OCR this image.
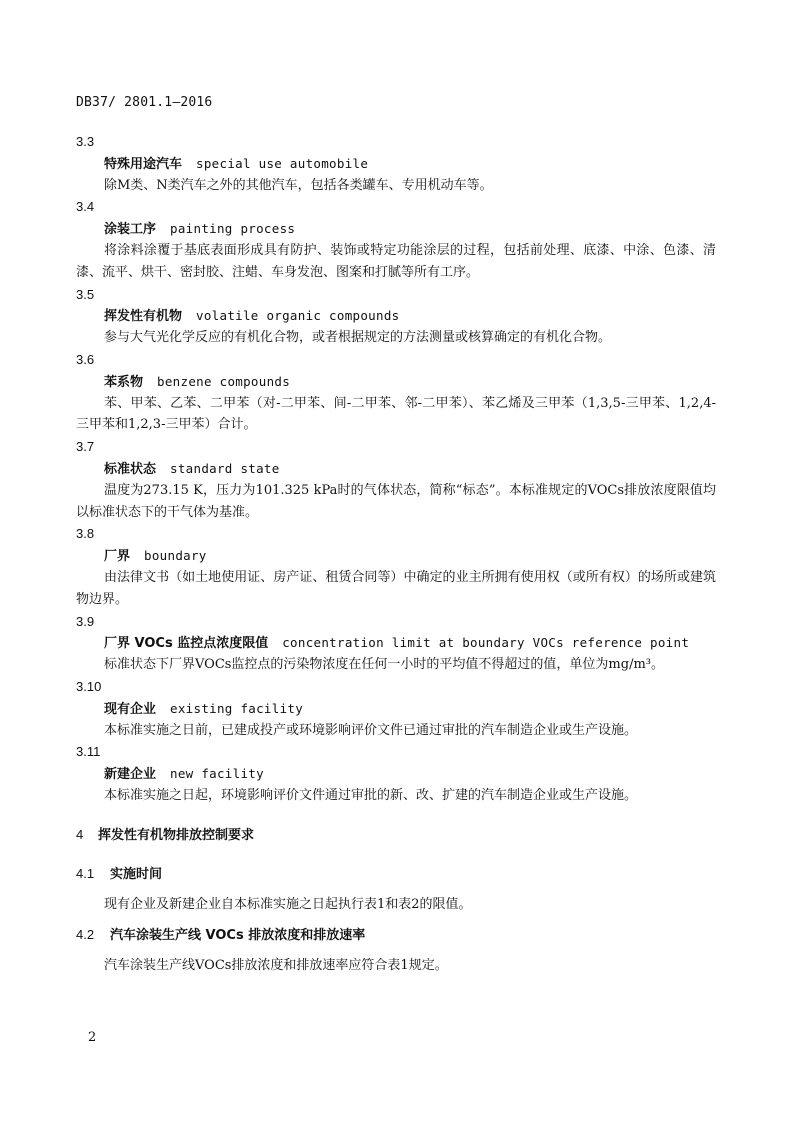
DB37/ 2801.1—2016
3.3
特殊用途汽车 special use automobile

除M类、N类汽车之外的其他汽车，包括各类罐车、专用机动车等。

3.4
涂装工序 painting process

将涂料涂覆于基底表面形成具有防护、装饰或特定功能涂层的过程，包括前处理、底漆、中涂、色漆、清漆、流平、烘干、密封胶、注蜡、车身发泡、图案和打腻等所有工序。

3.5
挥发性有机物 volatile organic compounds

参与大气光化学反应的有机化合物，或者根据规定的方法测量或核算确定的有机化合物。

3.6
苯系物 benzene compounds

苯、甲苯、乙苯、二甲苯（对-二甲苯、间-二甲苯、邻-二甲苯）、苯乙烯及三甲苯（1,3,5-三甲苯、1,2,4-三甲苯和1,2,3-三甲苯）合计。

3.7
标准状态 standard state

温度为273.15 K，压力为101.325 kPa时的气体状态，简称“标态”。本标准规定的VOCs排放浓度限值均以标准状态下的干气体为基准。

3.8
厂界 boundary

由法律文书（如土地使用证、房产证、租赁合同等）中确定的业主所拥有使用权（或所有权）的场所或建筑物边界。

3.9
厂界 VOCs 监控点浓度限值 concentration limit at boundary VOCs reference point

标准状态下厂界VOCs监控点的污染物浓度在任何一小时的平均值不得超过的值，单位为mg/m³。

3.10
现有企业 existing facility

本标准实施之日前，已建成投产或环境影响评价文件已通过审批的汽车制造企业或生产设施。

3.11
新建企业 new facility

本标准实施之日起，环境影响评价文件通过审批的新、改、扩建的汽车制造企业或生产设施。

4 挥发性有机物排放控制要求
4.1 实施时间

现有企业及新建企业自本标准实施之日起执行表1和表2的限值。

4.2 汽车涂装生产线 VOCs 排放浓度和排放速率

汽车涂装生产线VOCs排放浓度和排放速率应符合表1规定。

2
